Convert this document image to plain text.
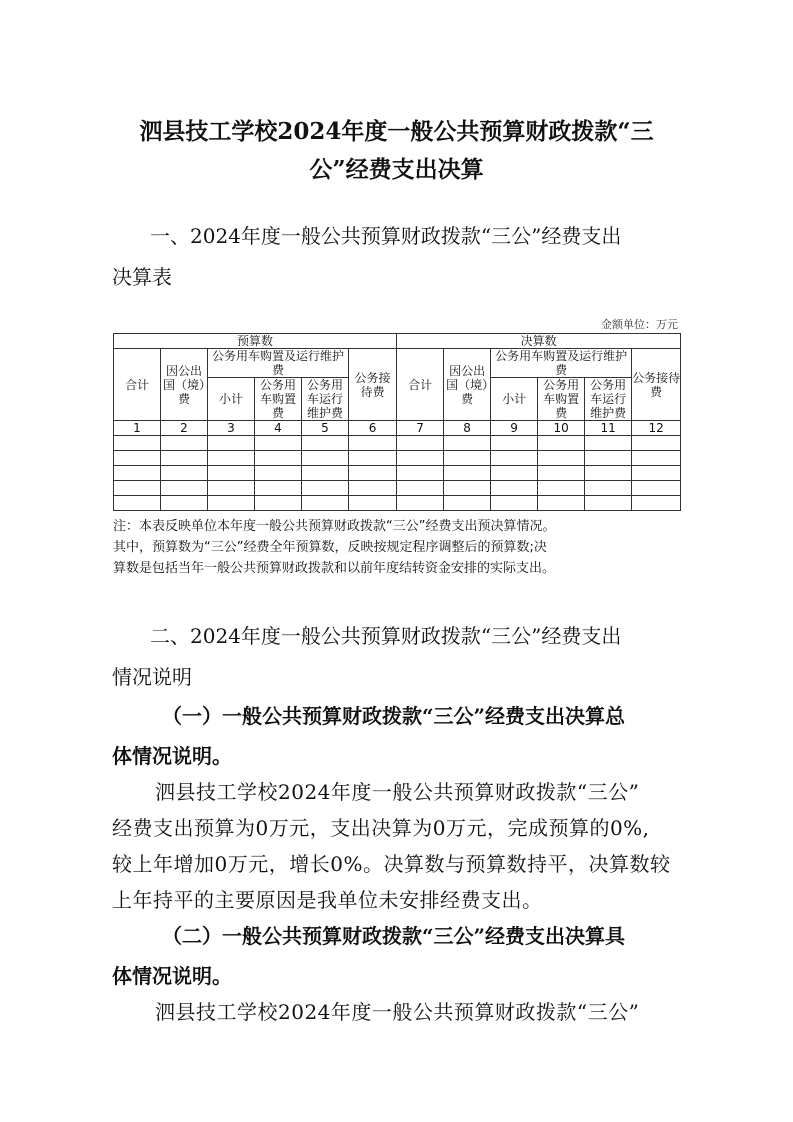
泗县技工学校2024年度一般公共预算财政拨款“三
公”经费支出决算
一、2024年度一般公共预算财政拨款“三公”经费支出
决算表
金额单位：万元
预算数						决算数					
合计	因公出国（境）费	公务用车购置及运行维护费			公务接待费	合计	因公出国（境）费	公务用车购置及运行维护费			公务接待费
		小计	公务用车购置费	公务用车运行维护费				小计	公务用车购置费	公务用车运行维护费	
1	2	3	4	5	6	7	8	9	10	11	12

注：本表反映单位本年度一般公共预算财政拨款“三公”经费支出预决算情况。
其中，预算数为“三公”经费全年预算数，反映按规定程序调整后的预算数;决
算数是包括当年一般公共预算财政拨款和以前年度结转资金安排的实际支出。
二、2024年度一般公共预算财政拨款“三公”经费支出
情况说明
（一）一般公共预算财政拨款“三公”经费支出决算总
体情况说明。
泗县技工学校2024年度一般公共预算财政拨款“三公”
经费支出预算为0万元，支出决算为0万元，完成预算的0%,
较上年增加0万元，增长0%。决算数与预算数持平，决算数较
上年持平的主要原因是我单位未安排经费支出。
（二）一般公共预算财政拨款“三公”经费支出决算具
体情况说明。
泗县技工学校2024年度一般公共预算财政拨款“三公”
